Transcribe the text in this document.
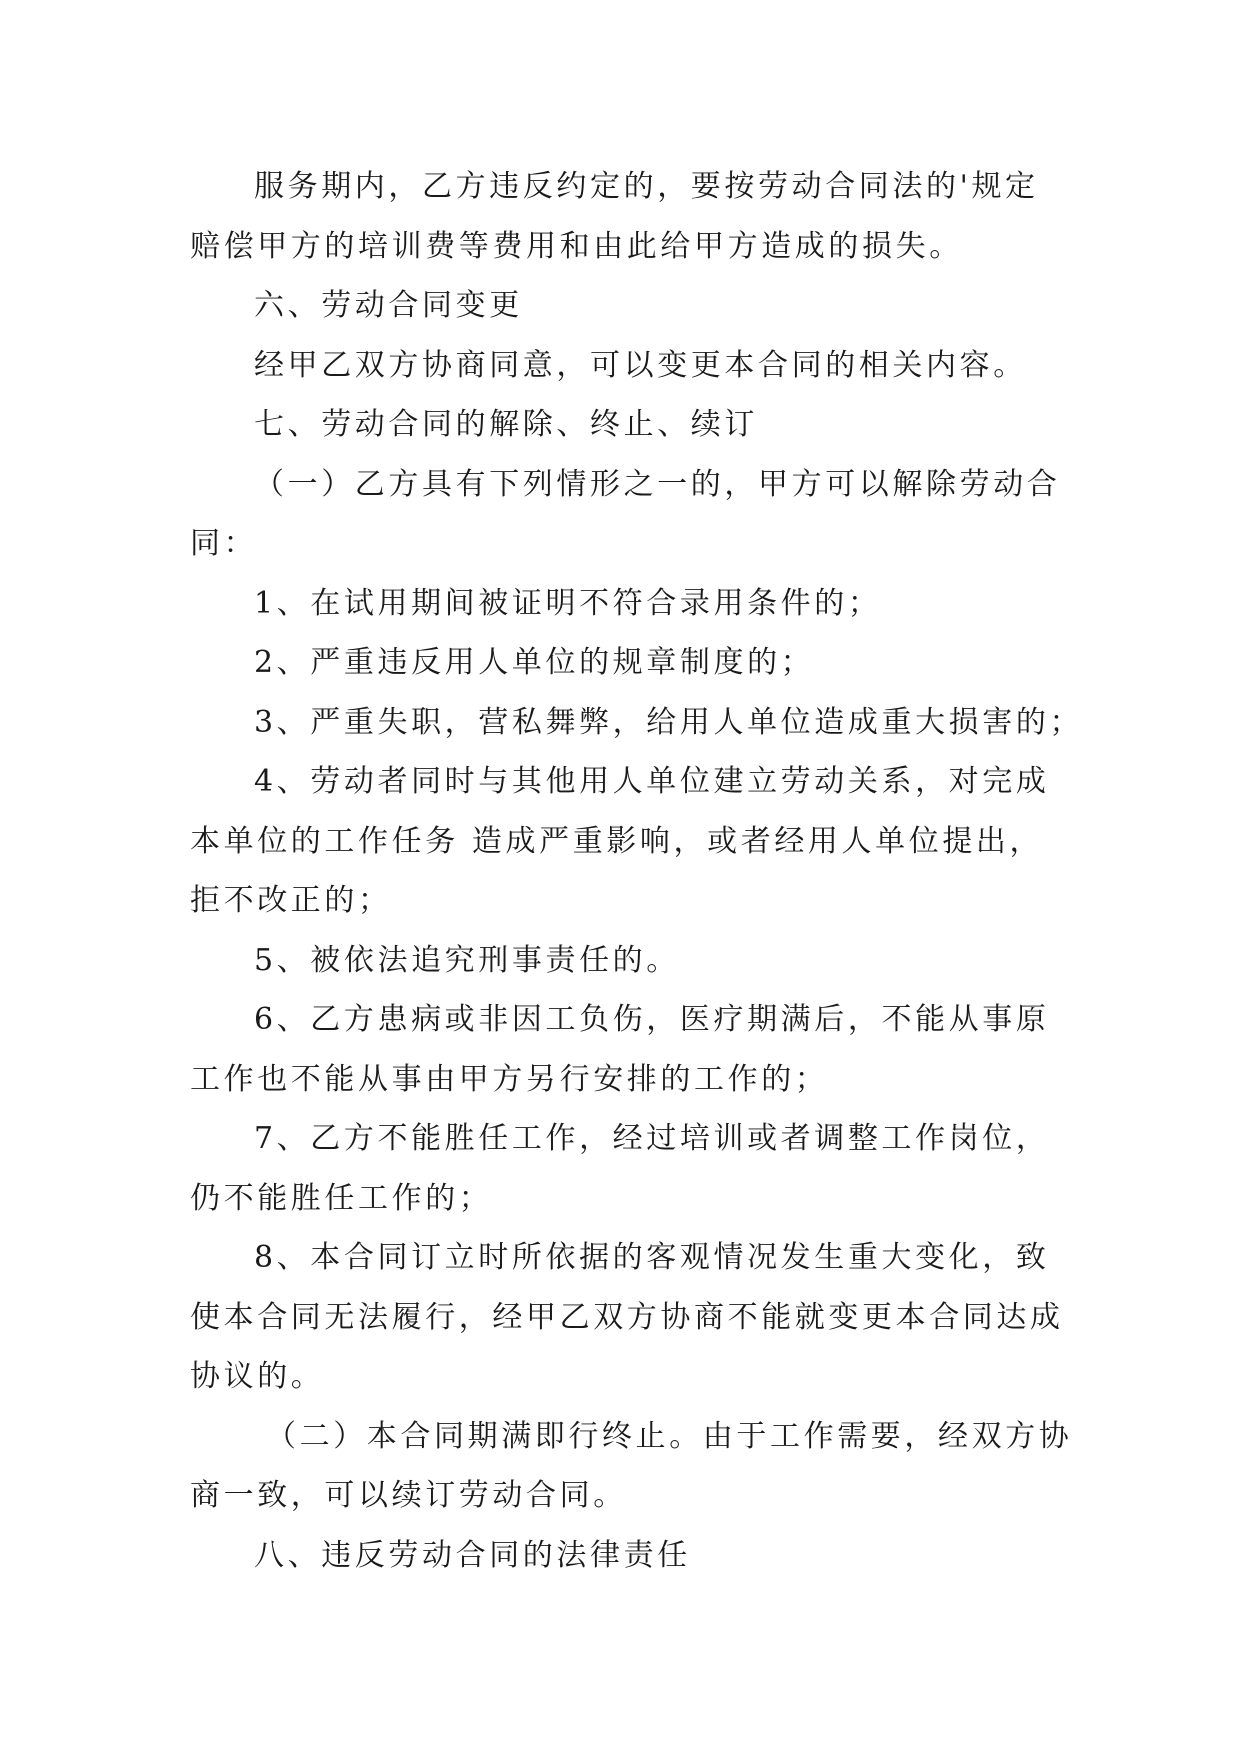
服务期内，乙方违反约定的，要按劳动合同法的'规定
赔偿甲方的培训费等费用和由此给甲方造成的损失。
六、劳动合同变更
经甲乙双方协商同意，可以变更本合同的相关内容。
七、劳动合同的解除、终止、续订
（一）乙方具有下列情形之一的，甲方可以解除劳动合
同：
1、在试用期间被证明不符合录用条件的；
2、严重违反用人单位的规章制度的；
3、严重失职，营私舞弊，给用人单位造成重大损害的；
4、劳动者同时与其他用人单位建立劳动关系，对完成
本单位的工作任务 造成严重影响，或者经用人单位提出，
拒不改正的；
5、被依法追究刑事责任的。
6、乙方患病或非因工负伤，医疗期满后，不能从事原
工作也不能从事由甲方另行安排的工作的；
7、乙方不能胜任工作，经过培训或者调整工作岗位，
仍不能胜任工作的；
8、本合同订立时所依据的客观情况发生重大变化，致
使本合同无法履行，经甲乙双方协商不能就变更本合同达成
协议的。
（二）本合同期满即行终止。由于工作需要，经双方协
商一致，可以续订劳动合同。
八、违反劳动合同的法律责任
